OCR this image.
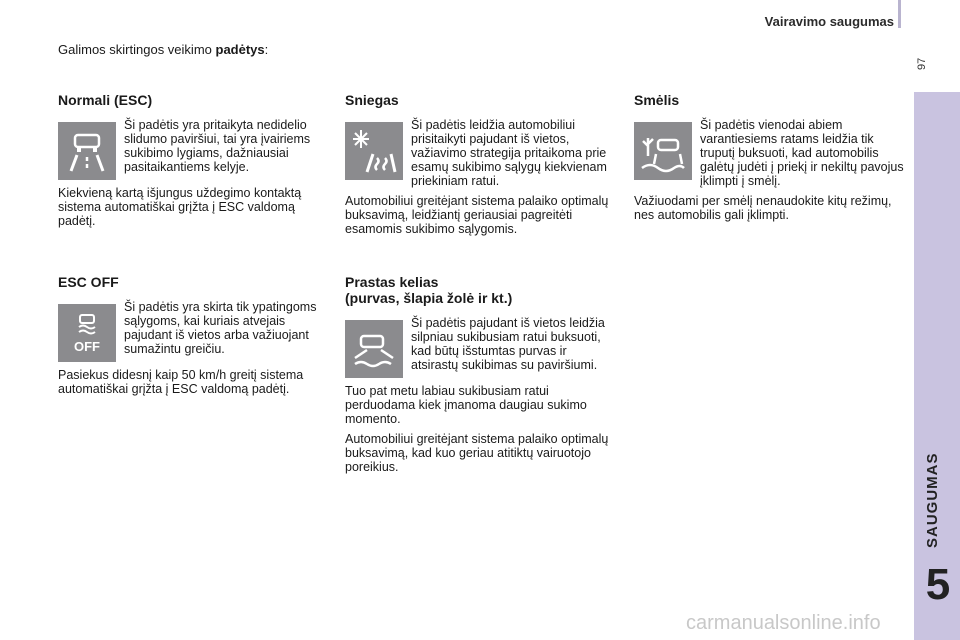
Vairavimo saugumas
97
SAUGUMAS
5
Galimos skirtingos veikimo padėtys:
Normali (ESC)

Ši padėtis yra pritaikyta nedidelio slidumo paviršiui, tai yra įvairiems sukibimo lygiams, dažniausiai pasitaikantiems kelyje.

Kiekvieną kartą išjungus uždegimo kontaktą sistema automatiškai grįžta į ESC valdomą padėtį.

ESC OFF
OFF

Ši padėtis yra skirta tik ypatingoms sąlygoms, kai kuriais atvejais pajudant iš vietos arba važiuojant sumažintu greičiu.

Pasiekus didesnį kaip 50 km/h greitį sistema automatiškai grįžta į ESC valdomą padėtį.

Sniegas

Ši padėtis leidžia automobiliui prisitaikyti pajudant iš vietos, važiavimo strategija pritaikoma prie esamų sukibimo sąlygų kiekvienam priekiniam ratui.

Automobiliui greitėjant sistema palaiko optimalų buksavimą, leidžiantį geriausiai pagreitėti esamomis sukibimo sąlygomis.

Prastas kelias
(purvas, šlapia žolė ir kt.)

Ši padėtis pajudant iš vietos leidžia silpniau sukibusiam ratui buksuoti, kad būtų išstumtas purvas ir atsirastų sukibimas su paviršiumi.

Tuo pat metu labiau sukibusiam ratui perduodama kiek įmanoma daugiau sukimo momento.

Automobiliui greitėjant sistema palaiko optimalų buksavimą, kad kuo geriau atitiktų vairuotojo poreikius.

Smėlis

Ši padėtis vienodai abiem varantiesiems ratams leidžia tik truputį buksuoti, kad automobilis galėtų judėti į priekį ir nekiltų pavojus įklimpti į smėlį.

Važiuodami per smėlį nenaudokite kitų režimų, nes automobilis gali įklimpti.

carmanualsonline.info
